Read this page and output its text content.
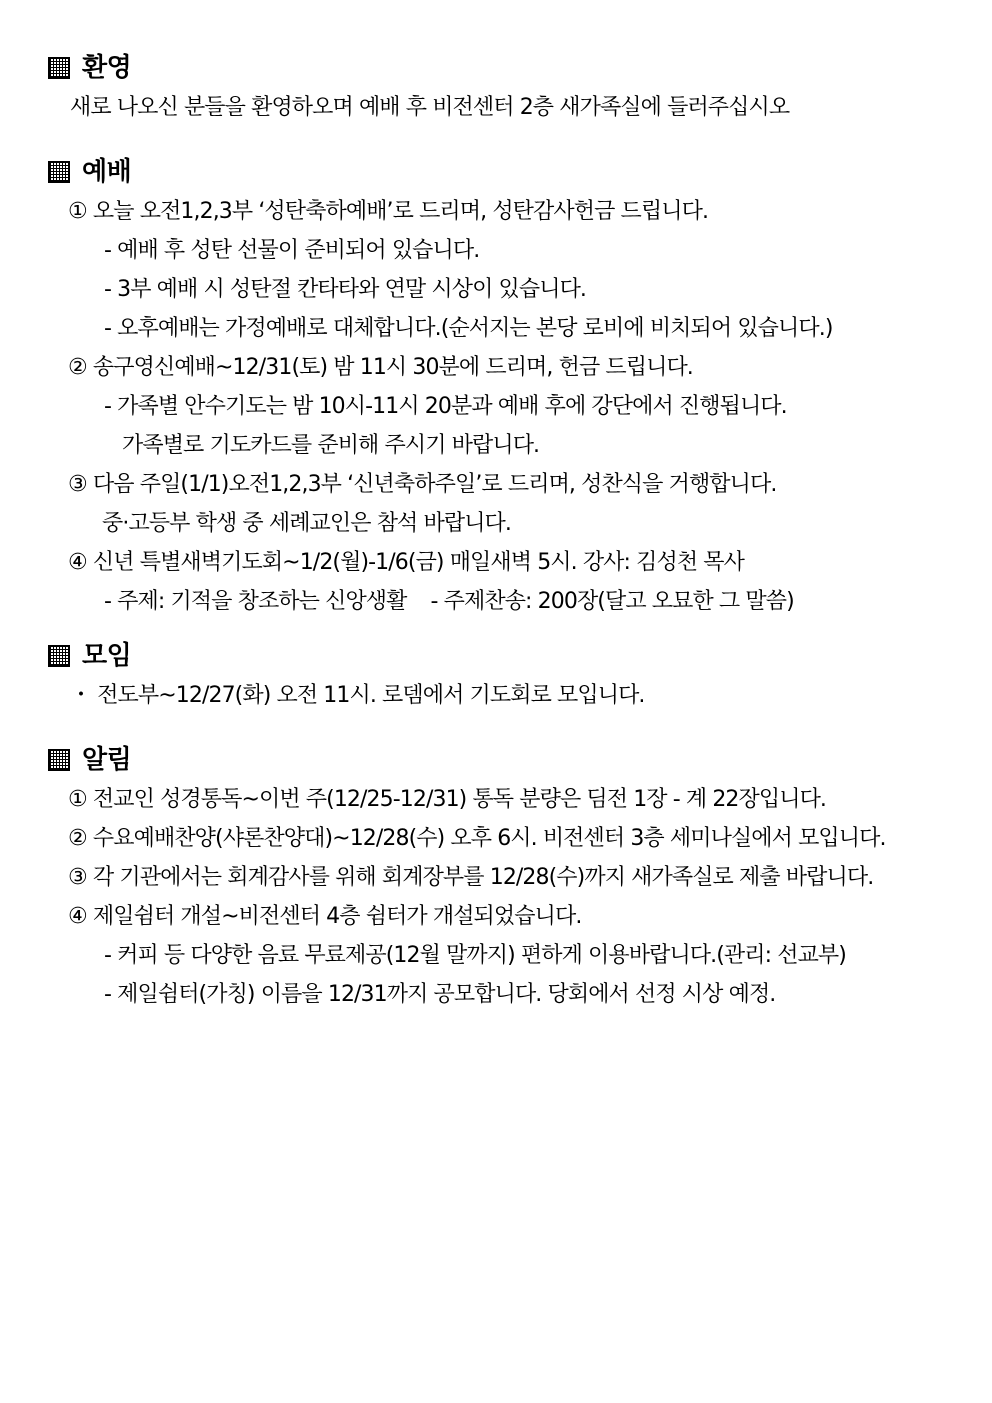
환영
새로 나오신 분들을 환영하오며 예배 후 비전센터 2층 새가족실에 들러주십시오
예배
① 오늘 오전1,2,3부 ‘성탄축하예배’로 드리며, 성탄감사헌금 드립니다.
- 예배 후 성탄 선물이 준비되어 있습니다.
- 3부 예배 시 성탄절 칸타타와 연말 시상이 있습니다.
- 오후예배는 가정예배로 대체합니다.(순서지는 본당 로비에 비치되어 있습니다.)
② 송구영신예배~12/31(토) 밤 11시 30분에 드리며, 헌금 드립니다.
- 가족별 안수기도는 밤 10시-11시 20분과 예배 후에 강단에서 진행됩니다.
가족별로 기도카드를 준비해 주시기 바랍니다.
③ 다음 주일(1/1)오전1,2,3부 ‘신년축하주일’로 드리며, 성찬식을 거행합니다.
중·고등부 학생 중 세례교인은 참석 바랍니다.
④ 신년 특별새벽기도회~1/2(월)-1/6(금) 매일새벽 5시. 강사: 김성천 목사
- 주제: 기적을 창조하는 신앙생활 - 주제찬송: 200장(달고 오묘한 그 말씀)
모임
・ 전도부~12/27(화) 오전 11시. 로뎀에서 기도회로 모입니다.
알림
① 전교인 성경통독~이번 주(12/25-12/31) 통독 분량은 딤전 1장 - 계 22장입니다.
② 수요예배찬양(샤론찬양대)~12/28(수) 오후 6시. 비전센터 3층 세미나실에서 모입니다.
③ 각 기관에서는 회계감사를 위해 회계장부를 12/28(수)까지 새가족실로 제출 바랍니다.
④ 제일쉼터 개설~비전센터 4층 쉼터가 개설되었습니다.
- 커피 등 다양한 음료 무료제공(12월 말까지) 편하게 이용바랍니다.(관리: 선교부)
- 제일쉼터(가칭) 이름을 12/31까지 공모합니다. 당회에서 선정 시상 예정.
